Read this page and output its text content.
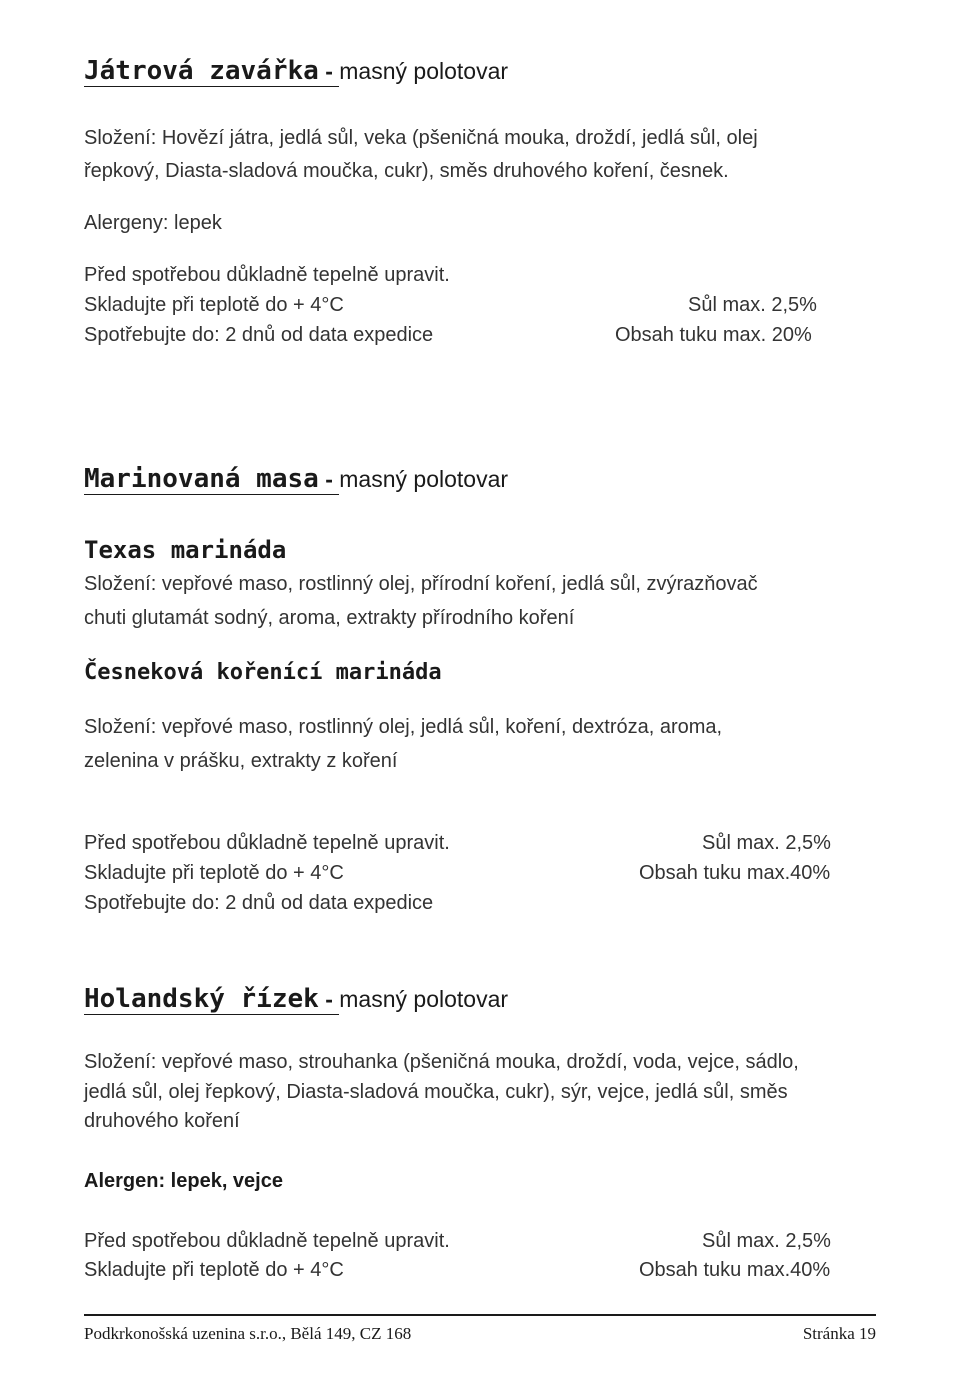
Játrová zavářka - masný polotovar
Složení: Hovězí játra, jedlá sůl, veka (pšeničná mouka, droždí, jedlá sůl, olej
řepkový, Diasta-sladová moučka, cukr), směs druhového koření, česnek.
Alergeny: lepek
Před spotřebou důkladně tepelně upravit.
Skladujte při teplotě do + 4°C
Spotřebujte do: 2 dnů od data expedice
Sůl max. 2,5%
Obsah tuku max. 20%
Marinovaná masa - masný polotovar
Texas marináda
Složení: vepřové maso, rostlinný olej, přírodní koření, jedlá sůl, zvýrazňovač
chuti glutamát sodný, aroma, extrakty přírodního koření
Česneková kořenící marináda
Složení: vepřové maso, rostlinný olej, jedlá sůl, koření, dextróza, aroma,
zelenina v prášku, extrakty z koření
Před spotřebou důkladně tepelně upravit.
Skladujte při teplotě do + 4°C
Spotřebujte do: 2 dnů od data expedice
Sůl max. 2,5%
Obsah tuku max.40%
Holandský řízek - masný polotovar
Složení: vepřové maso, strouhanka (pšeničná mouka, droždí, voda, vejce, sádlo,
jedlá sůl, olej řepkový, Diasta-sladová moučka, cukr), sýr, vejce, jedlá sůl, směs
druhového koření
Alergen: lepek, vejce
Před spotřebou důkladně tepelně upravit.
Skladujte při teplotě do + 4°C
Sůl max. 2,5%
Obsah tuku max.40%
Podkrkonošská uzenina s.r.o., Bělá 149, CZ 168	Stránka 19
